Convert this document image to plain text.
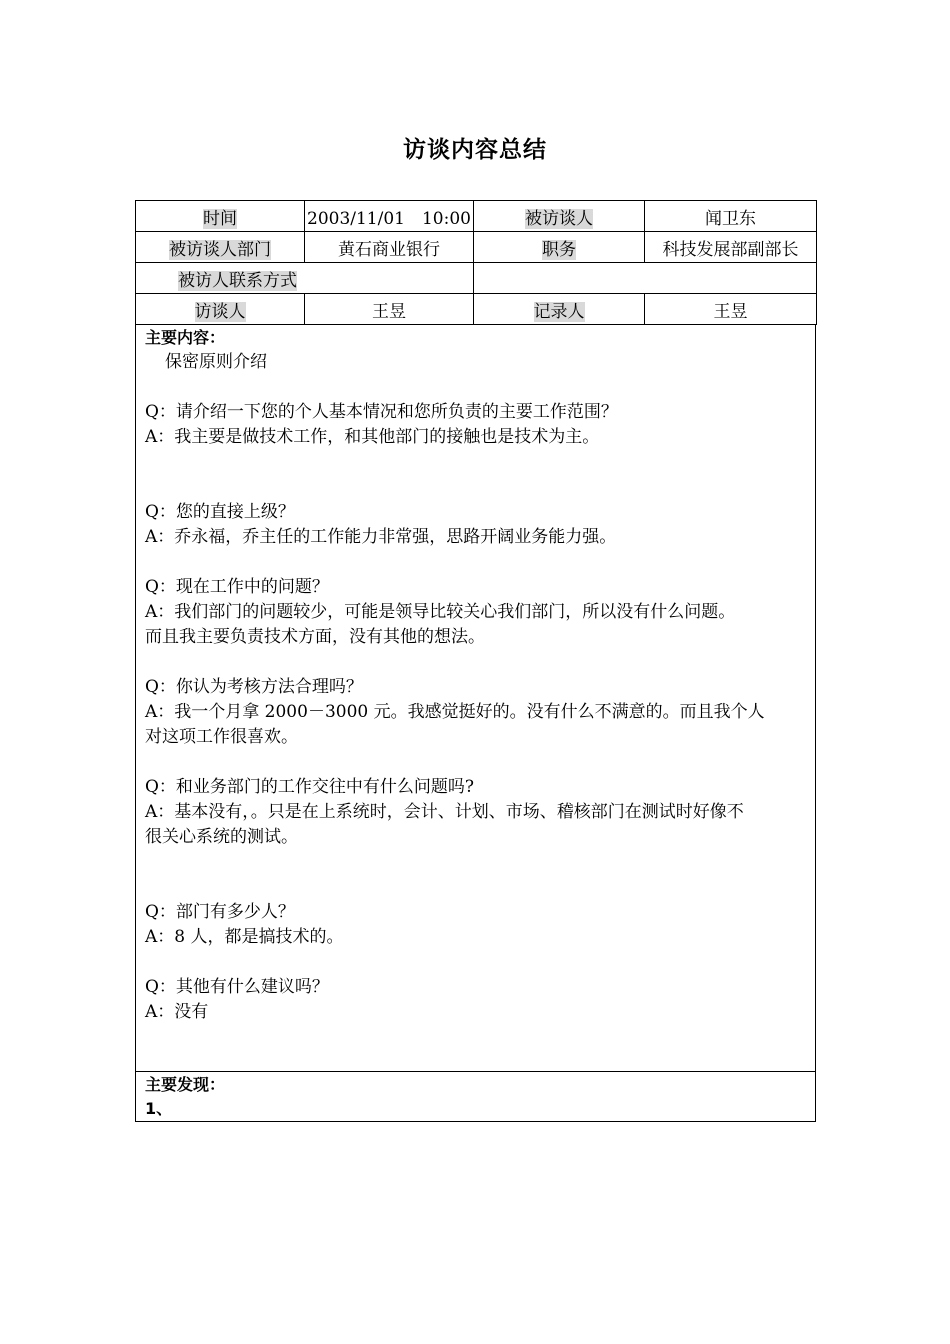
访谈内容总结
时间	2003/11/01　10:00	被访谈人	闻卫东
被访谈人部门	黄石商业银行	职务	科技发展部副部长
被访人联系方式			
访谈人	王昱	记录人	王昱
主要内容：
保密原则介绍
Q：请介绍一下您的个人基本情况和您所负责的主要工作范围？
A：我主要是做技术工作，和其他部门的接触也是技术为主。
Q：您的直接上级？
A：乔永福，乔主任的工作能力非常强，思路开阔业务能力强。
Q：现在工作中的问题？
A：我们部门的问题较少，可能是领导比较关心我们部门，所以没有什么问题。
而且我主要负责技术方面，没有其他的想法。
Q：你认为考核方法合理吗？
A：我一个月拿 2000－3000 元。我感觉挺好的。没有什么不满意的。而且我个人
对这项工作很喜欢。
Q：和业务部门的工作交往中有什么问题吗?
A：基本没有，。只是在上系统时，会计、计划、市场、稽核部门在测试时好像不
很关心系统的测试。
Q：部门有多少人？
A：8 人，都是搞技术的。
Q：其他有什么建议吗？
A：没有
主要发现：
1、
